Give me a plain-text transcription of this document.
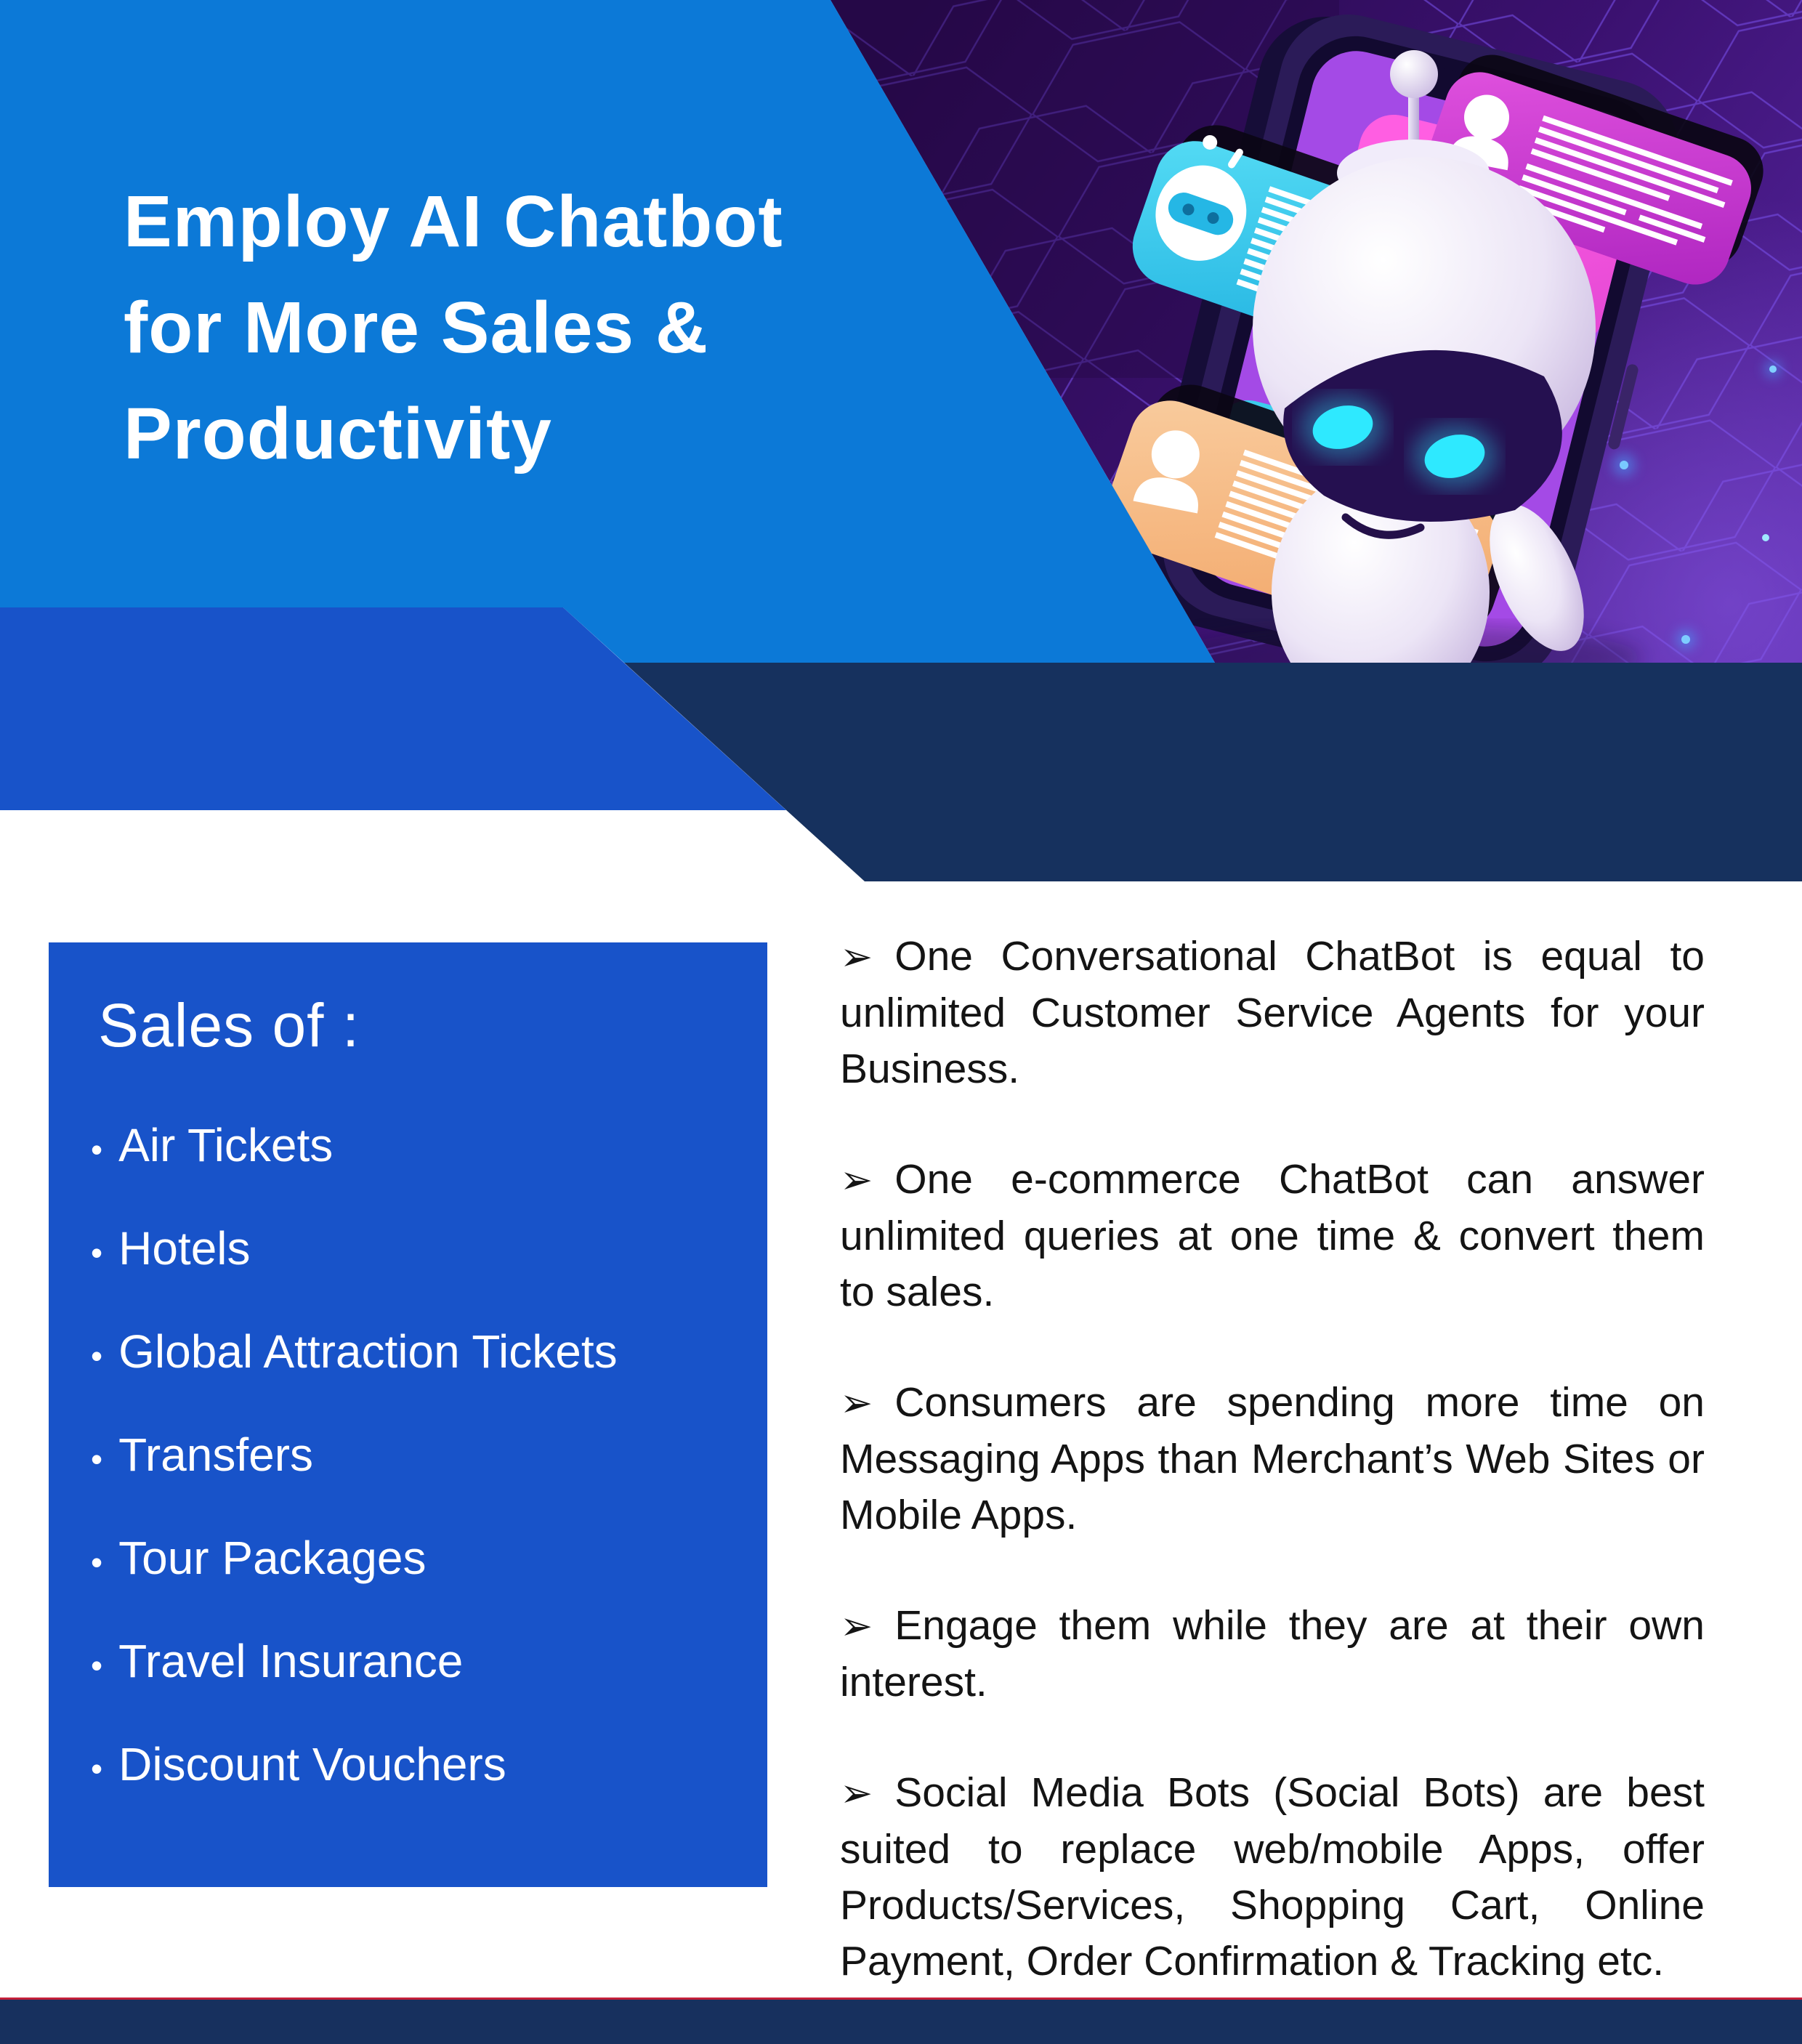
Employ AI Chatbot
for More Sales &
Productivity
Sales of :
• Air Tickets
• Hotels
• Global Attraction Tickets
• Transfers
• Tour Packages
• Travel Insurance
• Discount Vouchers

➢ One Conversational ChatBot is equal to unlimited Customer Service Agents for your Business.

➢ One e-commerce ChatBot can answer unlimited queries at one time & convert them to sales.

➢ Consumers are spending more time on Messaging Apps than Merchant’s Web Sites or Mobile Apps.

➢ Engage them while they are at their own interest.

➢ Social Media Bots (Social Bots) are best suited to replace web/mobile Apps, offer Products/Services, Shopping Cart, Online Payment, Order Confirmation & Tracking etc.
